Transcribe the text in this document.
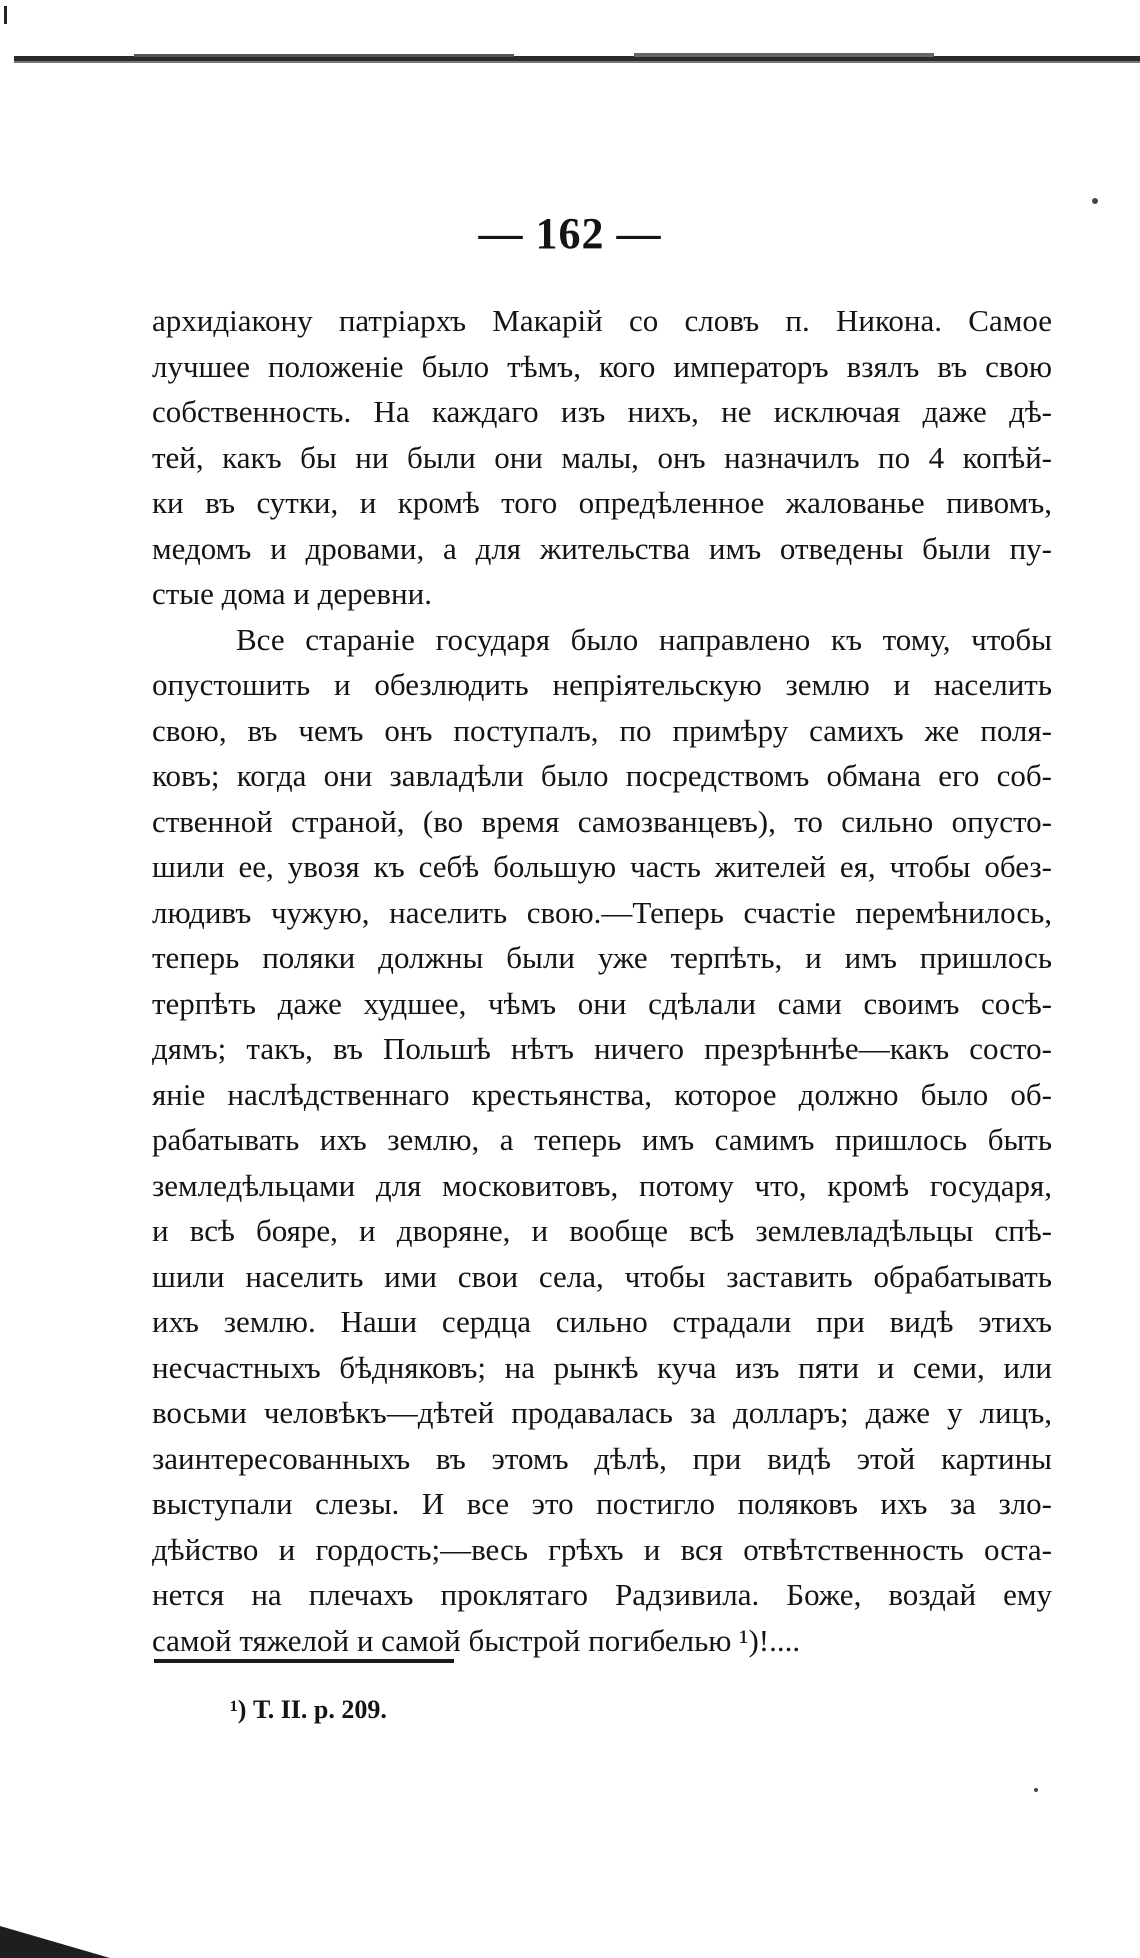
— 162 —
архидіакону патріархъ Макарій со словъ п. Никона. Самое
лучшее положеніе было тѣмъ, кого императоръ взялъ въ свою
собственность. На каждаго изъ нихъ, не исключая даже дѣ-
тей, какъ бы ни были они малы, онъ назначилъ по 4 копѣй-
ки въ сутки, и кромѣ того опредѣленное жалованье пивомъ,
медомъ и дровами, а для жительства имъ отведены были пу-
стые дома и деревни.
Все стараніе государя было направлено къ тому, чтобы
опустошить и обезлюдить непріятельскую землю и населить
свою, въ чемъ онъ поступалъ, по примѣру самихъ же поля-
ковъ; когда они завладѣли было посредствомъ обмана его соб-
ственной страной, (во время самозванцевъ), то сильно опусто-
шили ее, увозя къ себѣ большую часть жителей ея, чтобы обез-
людивъ чужую, населить свою.—Теперь счастіе перемѣнилось,
теперь поляки должны были уже терпѣть, и имъ пришлось
терпѣть даже худшее, чѣмъ они сдѣлали сами своимъ сосѣ-
дямъ; такъ, въ Польшѣ нѣтъ ничего презрѣннѣе—какъ состо-
яніе наслѣдственнаго крестьянства, которое должно было об-
рабатывать ихъ землю, а теперь имъ самимъ пришлось быть
земледѣльцами для московитовъ, потому что, кромѣ государя,
и всѣ бояре, и дворяне, и вообще всѣ землевладѣльцы спѣ-
шили населить ими свои села, чтобы заставить обрабатывать
ихъ землю. Наши сердца сильно страдали при видѣ этихъ
несчастныхъ бѣдняковъ; на рынкѣ куча изъ пяти и семи, или
восьми человѣкъ—дѣтей продавалась за долларъ; даже у лицъ,
заинтересованныхъ въ этомъ дѣлѣ, при видѣ этой картины
выступали слезы. И все это постигло поляковъ ихъ за зло-
дѣйство и гордость;—весь грѣхъ и вся отвѣтственность оста-
нется на плечахъ проклятаго Радзивила. Боже, воздай ему
самой тяжелой и самой быстрой погибелью ¹)!....
¹) Т. II. р. 209.
